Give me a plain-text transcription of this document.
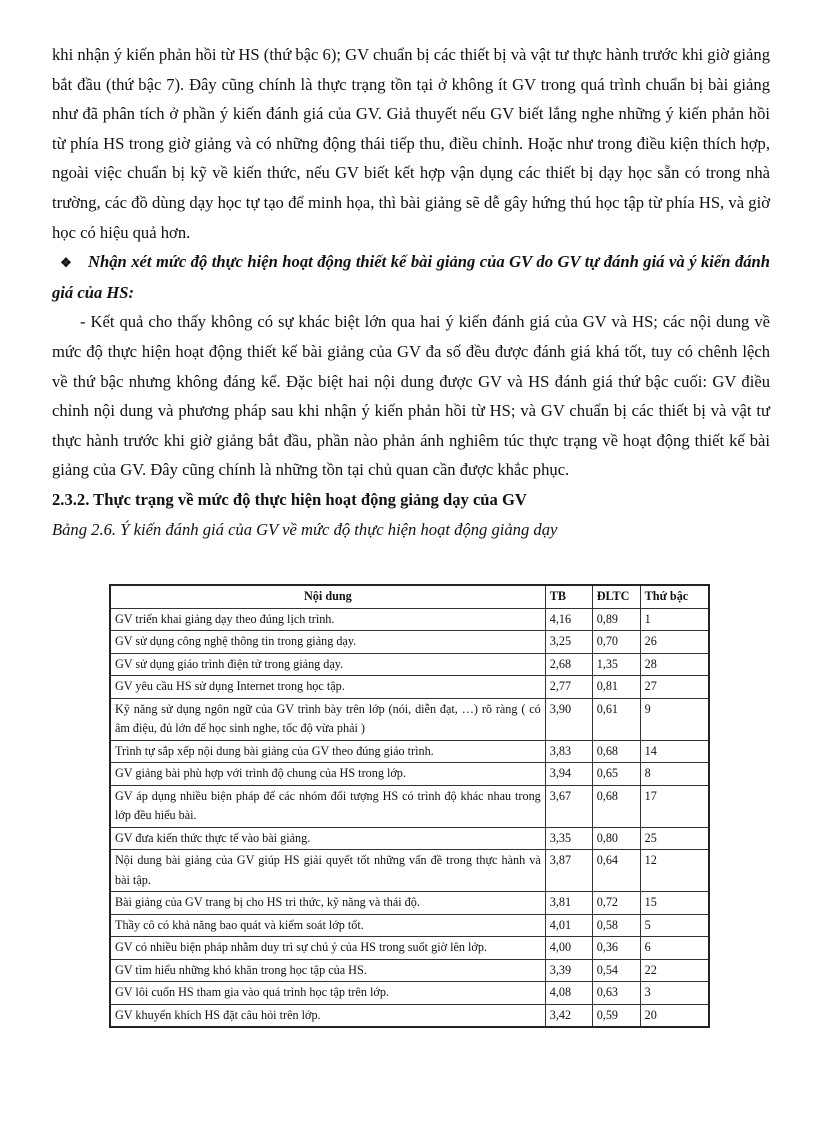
khi nhận ý kiến phản hồi từ HS (thứ bậc 6); GV chuẩn bị các thiết bị và vật tư thực hành trước khi giờ giảng bắt đầu (thứ bậc 7). Đây cũng chính là thực trạng tồn tại ở không ít GV trong quá trình chuẩn bị bài giảng như đã phân tích ở phần ý kiến đánh giá của GV. Giả thuyết nếu GV biết lắng nghe những ý kiến phản hồi từ phía HS trong giờ giảng và có những động thái tiếp thu, điều chỉnh. Hoặc như trong điều kiện thích hợp, ngoài việc chuẩn bị kỹ về kiến thức, nếu GV biết kết hợp vận dụng các thiết bị dạy học sẵn có trong nhà trường, các đồ dùng dạy học tự tạo để minh họa, thì bài giảng sẽ dễ gây hứng thú học tập từ phía HS, và giờ học có hiệu quả hơn.

❖ Nhận xét mức độ thực hiện hoạt động thiết kế bài giảng của GV do GV tự đánh giá và ý kiến đánh giá của HS:

- Kết quả cho thấy không có sự khác biệt lớn qua hai ý kiến đánh giá của GV và HS; các nội dung về mức độ thực hiện hoạt động thiết kế bài giảng của GV đa số đều được đánh giá khá tốt, tuy có chênh lệch về thứ bậc nhưng không đáng kể. Đặc biệt hai nội dung được GV và HS đánh giá thứ bậc cuối: GV điều chỉnh nội dung và phương pháp sau khi nhận ý kiến phản hồi từ HS; và GV chuẩn bị các thiết bị và vật tư thực hành trước khi giờ giảng bắt đầu, phần nào phản ánh nghiêm túc thực trạng về hoạt động thiết kế bài giảng của GV. Đây cũng chính là những tồn tại chủ quan cần được khắc phục.

2.3.2. Thực trạng về mức độ thực hiện hoạt động giảng dạy của GV

Bảng 2.6. Ý kiến đánh giá của GV về mức độ thực hiện hoạt động giảng dạy

Nội dung	TB	ĐLTC	Thứ bậc
GV triển khai giảng dạy theo đúng lịch trình.	4,16	0,89	1
GV sử dụng công nghệ thông tin trong giảng dạy.	3,25	0,70	26
GV sử dụng giáo trình điện tử trong giảng dạy.	2,68	1,35	28
GV yêu cầu HS sử dụng Internet trong học tập.	2,77	0,81	27
Kỹ năng sử dụng ngôn ngữ của GV trình bày trên lớp (nói, diễn đạt, …) rõ ràng ( có âm điệu, đủ lớn để học sinh nghe, tốc độ vừa phải )	3,90	0,61	9
Trình tự sắp xếp nội dung bài giảng của GV theo đúng giáo trình.	3,83	0,68	14
GV giảng bài phù hợp với trình độ chung của HS trong lớp.	3,94	0,65	8
GV áp dụng nhiều biện pháp để các nhóm đối tượng HS có trình độ khác nhau trong lớp đều hiểu bài.	3,67	0,68	17
GV đưa kiến thức thực tế vào bài giảng.	3,35	0,80	25
Nội dung bài giảng của GV giúp HS giải quyết tốt những vấn đề trong thực hành và bài tập.	3,87	0,64	12
Bài giảng của GV trang bị cho HS tri thức, kỹ năng và thái độ.	3,81	0,72	15
Thầy cô có khả năng bao quát và kiểm soát lớp tốt.	4,01	0,58	5
GV có nhiều biện pháp nhằm duy trì sự chú ý của HS trong suốt giờ lên lớp.	4,00	0,36	6
GV tìm hiểu những khó khăn trong học tập của HS.	3,39	0,54	22
GV lôi cuốn HS tham gia vào quá trình học tập trên lớp.	4,08	0,63	3
GV khuyến khích HS đặt câu hỏi trên lớp.	3,42	0,59	20
